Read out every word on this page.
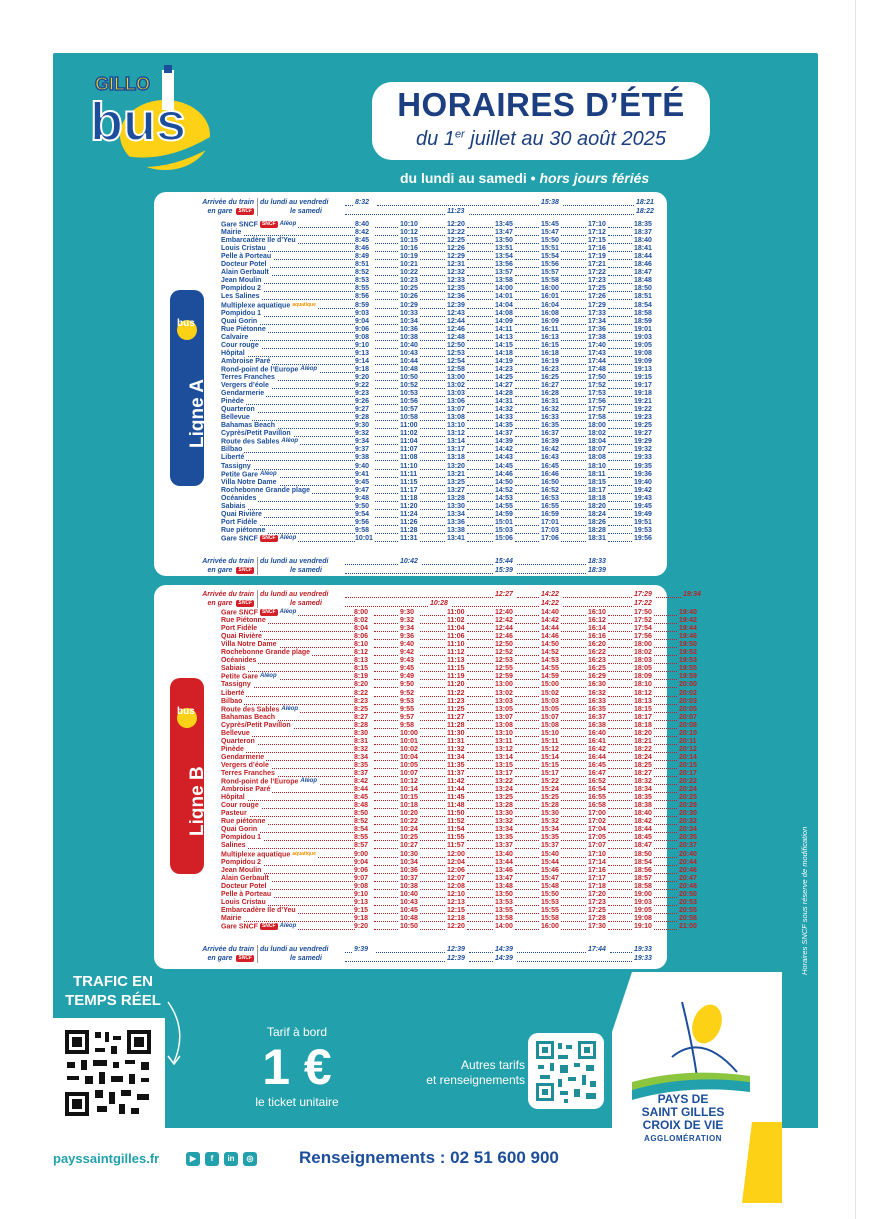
GILLO
bus	HORAIRES D’ÉTÉ
du 1er juillet au 30 août 2025
du lundi au samedi • hors jours fériés
bus
Ligne A
bus
Ligne B
Arrivée du train
en gare SNCF
du lundi au vendredi
le samedi
8:32	15:38	18:21
11:23	18:22
Gare SNCF SNCF Aléop	8:40	10:10	12:20	13:45	15:45	17:10	18:35
Mairie	8:42	10:12	12:22	13:47	15:47	17:12	18:37
Embarcadère Ile d’Yeu	8:45	10:15	12:25	13:50	15:50	17:15	18:40
Louis Cristau	8:46	10:16	12:26	13:51	15:51	17:16	18:41
Pelle à Porteau	8:49	10:19	12:29	13:54	15:54	17:19	18:44
Docteur Potel	8:51	10:21	12:31	13:56	15:56	17:21	18:46
Alain Gerbault	8:52	10:22	12:32	13:57	15:57	17:22	18:47
Jean Moulin	8:53	10:23	12:33	13:58	15:58	17:23	18:48
Pompidou 2	8:55	10:25	12:35	14:00	16:00	17:25	18:50
Les Salines	8:56	10:26	12:36	14:01	16:01	17:26	18:51
Multiplexe aquatique aquatique	8:59	10:29	12:39	14:04	16:04	17:29	18:54
Pompidou 1	9:03	10:33	12:43	14:08	16:08	17:33	18:58
Quai Gorin	9:04	10:34	12:44	14:09	16:09	17:34	18:59
Rue Piétonne	9:06	10:36	12:46	14:11	16:11	17:36	19:01
Calvaire	9:08	10:38	12:48	14:13	16:13	17:38	19:03
Cour rouge	9:10	10:40	12:50	14:15	16:15	17:40	19:05
Hôpital	9:13	10:43	12:53	14:18	16:18	17:43	19:08
Ambroise Paré	9:14	10:44	12:54	14:19	16:19	17:44	19:09
Rond-point de l’Europe Aléop	9:18	10:48	12:58	14:23	16:23	17:48	19:13
Terres Franches	9:20	10:50	13:00	14:25	16:25	17:50	19:15
Vergers d’éole	9:22	10:52	13:02	14:27	16:27	17:52	19:17
Gendarmerie	9:23	10:53	13:03	14:28	16:28	17:53	19:18
Pinède	9:26	10:56	13:06	14:31	16:31	17:56	19:21
Quarteron	9:27	10:57	13:07	14:32	16:32	17:57	19:22
Bellevue	9:28	10:58	13:08	14:33	16:33	17:58	19:23
Bahamas Beach	9:30	11:00	13:10	14:35	16:35	18:00	19:25
Cyprès/Petit Pavillon	9:32	11:02	13:12	14:37	16:37	18:02	19:27
Route des Sables Aléop	9:34	11:04	13:14	14:39	16:39	18:04	19:29
Bilbao	9:37	11:07	13:17	14:42	16:42	18:07	19:32
Liberté	9:38	11:08	13:18	14:43	16:43	18:08	19:33
Tassigny	9:40	11:10	13:20	14:45	16:45	18:10	19:35
Petite Gare Aléop	9:41	11:11	13:21	14:46	16:46	18:11	19:36
Villa Notre Dame	9:45	11:15	13:25	14:50	16:50	18:15	19:40
Rochebonne Grande plage	9:47	11:17	13:27	14:52	16:52	18:17	19:42
Océanides	9:48	11:18	13:28	14:53	16:53	18:18	19:43
Sabiais	9:50	11:20	13:30	14:55	16:55	18:20	19:45
Quai Rivière	9:54	11:24	13:34	14:59	16:59	18:24	19:49
Port Fidèle	9:56	11:26	13:36	15:01	17:01	18:26	19:51
Rue piétonne	9:58	11:28	13:38	15:03	17:03	18:28	19:53
Gare SNCF SNCF Aléop	10:01	11:31	13:41	15:06	17:06	18:31	19:56
Arrivée du train
en gare SNCF
du lundi au vendredi
le samedi
10:42	15:44	18:33
15:39	18:39
Arrivée du train
en gare SNCF
du lundi au vendredi
le samedi
12:27	14:22	17:29	19:34
10:28	14:22	17:22
Gare SNCF SNCF Aléop	8:00	9:30	11:00	12:40	14:40	16:10	17:50	19:40
Rue Piétonne	8:02	9:32	11:02	12:42	14:42	16:12	17:52	19:42
Port Fidèle	8:04	9:34	11:04	12:44	14:44	16:14	17:54	19:44
Quai Rivière	8:06	9:36	11:06	12:46	14:46	16:16	17:56	19:46
Villa Notre Dame	8:10	9:40	11:10	12:50	14:50	16:20	18:00	19:50
Rochebonne Grande plage	8:12	9:42	11:12	12:52	14:52	16:22	18:02	19:52
Océanides	8:13	9:43	11:13	12:53	14:53	16:23	18:03	19:53
Sabiais	8:15	9:45	11:15	12:55	14:55	16:25	18:05	19:55
Petite Gare Aléop	8:19	9:49	11:19	12:59	14:59	16:29	18:09	19:59
Tassigny	8:20	9:50	11:20	13:00	15:00	16:30	18:10	20:00
Liberté	8:22	9:52	11:22	13:02	15:02	16:32	18:12	20:02
Bilbao	8:23	9:53	11:23	13:03	15:03	16:33	18:13	20:03
Route des Sables Aléop	8:25	9:55	11:25	13:05	15:05	16:35	18:15	20:05
Bahamas Beach	8:27	9:57	11:27	13:07	15:07	16:37	18:17	20:07
Cyprès/Petit Pavillon	8:28	9:58	11:28	13:08	15:08	16:38	18:18	20:08
Bellevue	8:30	10:00	11:30	13:10	15:10	16:40	18:20	20:10
Quarteron	8:31	10:01	11:31	13:11	15:11	16:41	18:21	20:11
Pinède	8:32	10:02	11:32	13:12	15:12	16:42	18:22	20:12
Gendarmerie	8:34	10:04	11:34	13:14	15:14	16:44	18:24	20:14
Vergers d’éole	8:35	10:05	11:35	13:15	15:15	16:45	18:25	20:15
Terres Franches	8:37	10:07	11:37	13:17	15:17	16:47	18:27	20:17
Rond-point de l’Europe Aléop	8:42	10:12	11:42	13:22	15:22	16:52	18:32	20:22
Ambroise Paré	8:44	10:14	11:44	13:24	15:24	16:54	18:34	20:24
Hôpital	8:45	10:15	11:45	13:25	15:25	16:55	18:35	20:25
Cour rouge	8:48	10:18	11:48	13:28	15:28	16:58	18:38	20:28
Pasteur	8:50	10:20	11:50	13:30	15:30	17:00	18:40	20:30
Rue piétonne	8:52	10:22	11:52	13:32	15:32	17:02	18:42	20:32
Quai Gorin	8:54	10:24	11:54	13:34	15:34	17:04	18:44	20:34
Pompidou 1	8:55	10:25	11:55	13:35	15:35	17:05	18:45	20:35
Salines	8:57	10:27	11:57	13:37	15:37	17:07	18:47	20:37
Multiplexe aquatique aquatique	9:00	10:30	12:00	13:40	15:40	17:10	18:50	20:40
Pompidou 2	9:04	10:34	12:04	13:44	15:44	17:14	18:54	20:44
Jean Moulin	9:06	10:36	12:06	13:46	15:46	17:16	18:56	20:46
Alain Gerbault	9:07	10:37	12:07	13:47	15:47	17:17	18:57	20:47
Docteur Potel	9:08	10:38	12:08	13:48	15:48	17:18	18:58	20:48
Pelle à Porteau	9:10	10:40	12:10	13:50	15:50	17:20	19:00	20:50
Louis Cristau	9:13	10:43	12:13	13:53	15:53	17:23	19:03	20:53
Embarcadère Ile d’Yeu	9:15	10:45	12:15	13:55	15:55	17:25	19:05	20:55
Mairie	9:18	10:48	12:18	13:58	15:58	17:28	19:08	20:58
Gare SNCF SNCF Aléop	9:20	10:50	12:20	14:00	16:00	17:30	19:10	21:00
Arrivée du train
en gare SNCF
du lundi au vendredi
le samedi
9:39	12:39	14:39	17:44	19:33
12:39	14:39	19:33
TRAFIC EN
TEMPS RÉEL
Tarif à bord
1 €
le ticket unitaire
Autres tarifs
et renseignements
PAYS DE
SAINT GILLES
CROIX DE VIE
AGGLOMÉRATION
Horaires SNCF sous réserve de modification
payssaintgilles.fr	▶	f	in	◎	Renseignements : 02 51 600 900
